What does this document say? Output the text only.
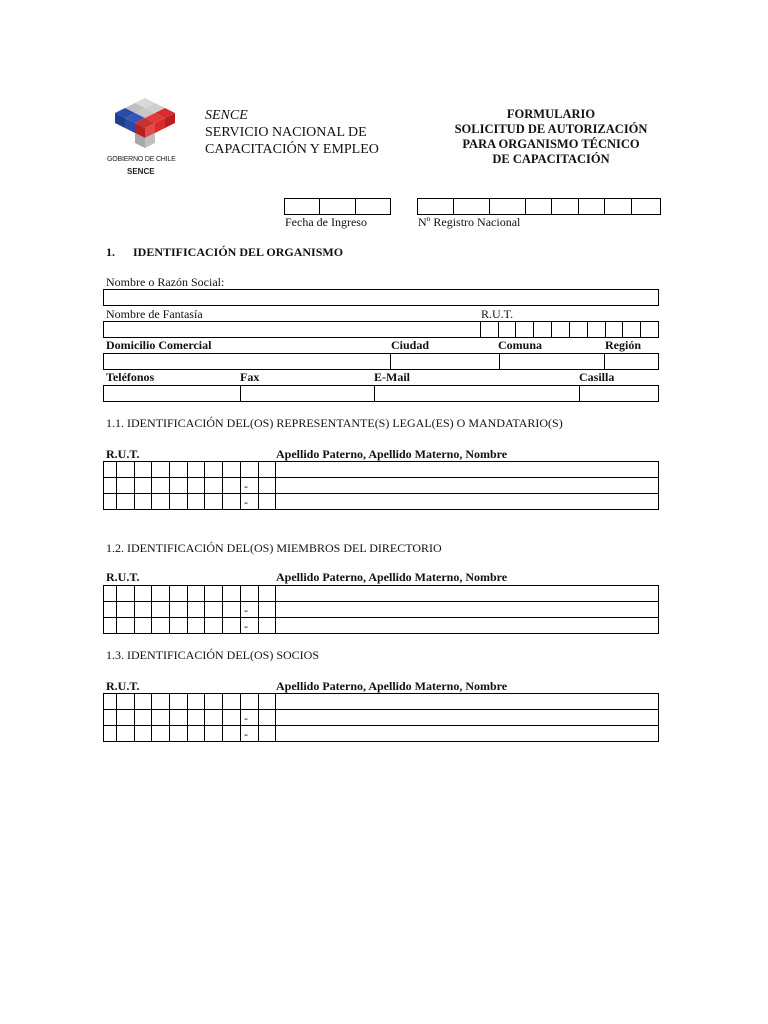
GOBIERNO DE CHILE
SENCE
SENCE
SERVICIO NACIONAL DE
CAPACITACIÓN Y EMPLEO
FORMULARIO
SOLICITUD DE AUTORIZACIÓN
PARA ORGANISMO TÉCNICO
DE CAPACITACIÓN
Fecha de Ingreso	Nº Registro Nacional
1. IDENTIFICACIÓN DEL ORGANISMO
Nombre o Razón Social:
Nombre de Fantasía	R.U.T.
Domicilio Comercial	Ciudad	Comuna	Región
Teléfonos	Fax	E-Mail	Casilla
1.1. IDENTIFICACIÓN DEL(OS) REPRESENTANTE(S) LEGAL(ES) O MANDATARIO(S)
R.U.T.	Apellido Paterno, Apellido Materno, Nombre
-
-
1.2. IDENTIFICACIÓN DEL(OS) MIEMBROS DEL DIRECTORIO
R.U.T.	Apellido Paterno, Apellido Materno, Nombre
-
-
1.3. IDENTIFICACIÓN DEL(OS) SOCIOS
R.U.T.	Apellido Paterno, Apellido Materno, Nombre
-
-
